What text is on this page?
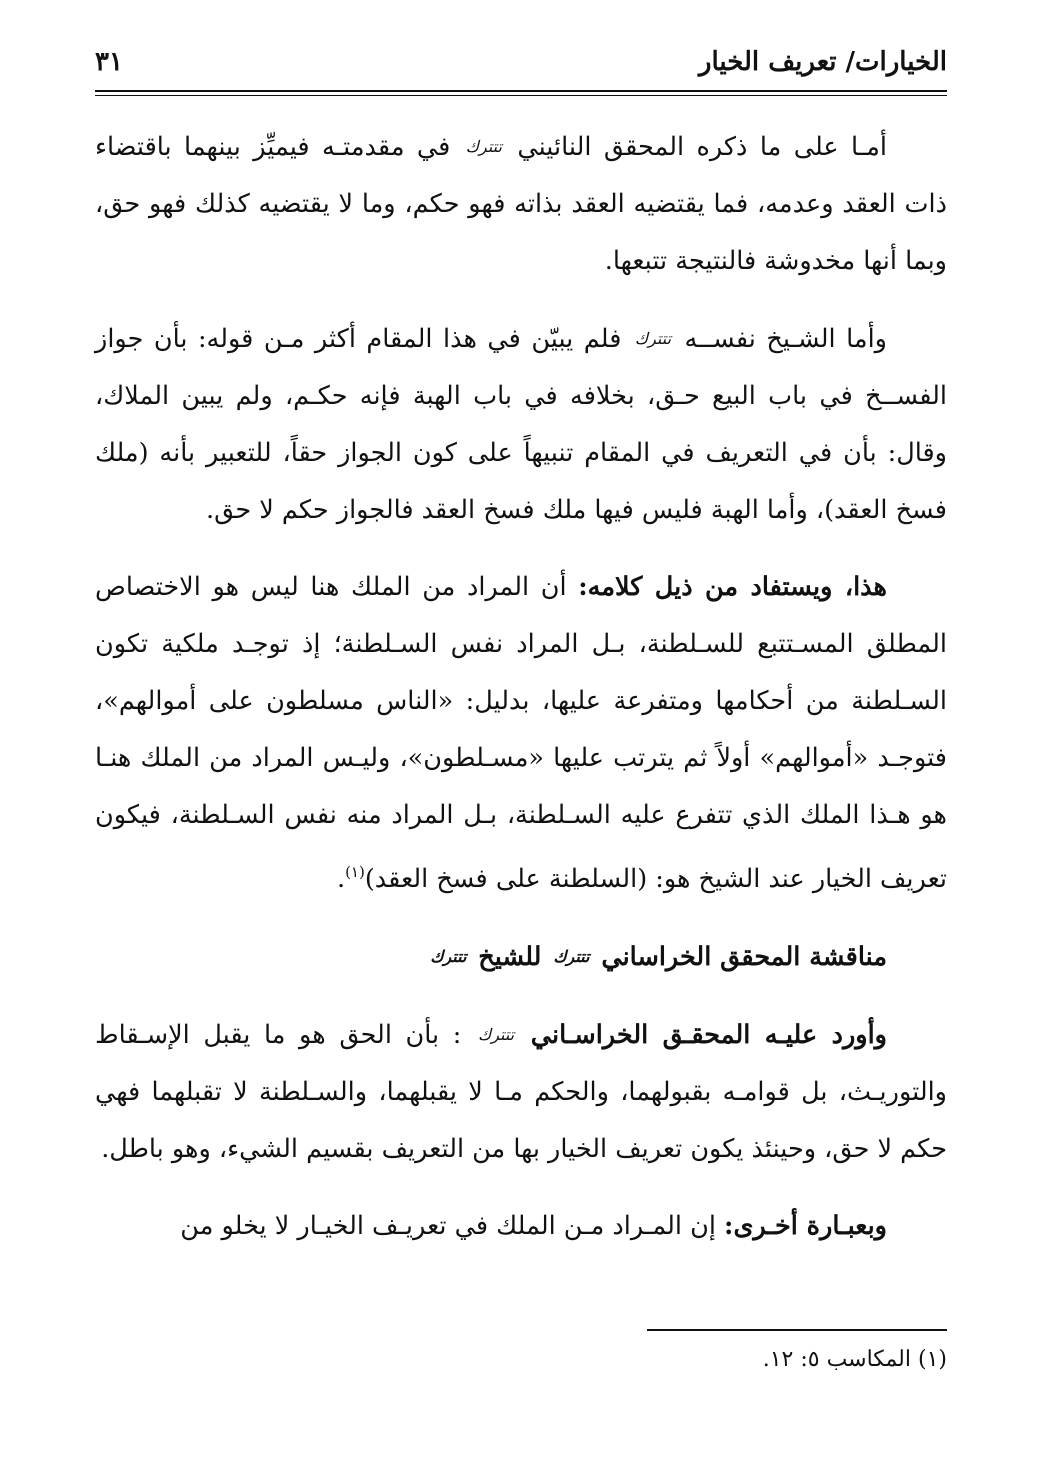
الخيارات/ تعريف الخيار
٣١

أمـا على ما ذكره المحقق النائيني تتترك في مقدمتـه فيميِّز بينهما باقتضاء ذات العقد وعدمه، فما يقتضيه العقد بذاته فهو حكم، وما لا يقتضيه كذلك فهو حق، وبما أنها مخدوشة فالنتيجة تتبعها.

وأما الشـيخ نفســه تتترك فلم يبيّن في هذا المقام أكثر مـن قوله: بأن جواز الفســخ في باب البيع حـق، بخلافه في باب الهبة فإنه حكـم، ولم يبين الملاك، وقال: بأن في التعريف في المقام تنبيهاً على كون الجواز حقاً، للتعبير بأنه (ملك فسخ العقد)، وأما الهبة فليس فيها ملك فسخ العقد فالجواز حكم لا حق.

هذا، ويستفاد من ذيل كلامه: أن المراد من الملك هنا ليس هو الاختصاص المطلق المسـتتبع للسـلطنة، بـل المراد نفس السـلطنة؛ إذ توجـد ملكية تكون السـلطنة من أحكامها ومتفرعة عليها، بدليل: «الناس مسلطون على أموالهم»، فتوجـد «أموالهم» أولاً ثم يترتب عليها «مسـلطون»، وليـس المراد من الملك هنـا هو هـذا الملك الذي تتفرع عليه السـلطنة، بـل المراد منه نفس السـلطنة، فيكون تعريف الخيار عند الشيخ هو: (السلطنة على فسخ العقد)$^{(١)}$.

مناقشة المحقق الخراساني تتترك للشيخ تتترك

وأورد عليـه المحقـق الخراسـاني تتترك : بأن الحق هو ما يقبل الإسـقاط والتوريـث، بل قوامـه بقبولهما، والحكم مـا لا يقبلهما، والسـلطنة لا تقبلهما فهي حكم لا حق، وحينئذ يكون تعريف الخيار بها من التعريف بقسيم الشيء، وهو باطل.

وبعبـارة أخـرى: إن المـراد مـن الملك في تعريـف الخيـار لا يخلو من

(١) المكاسب ٥: ١٢.
